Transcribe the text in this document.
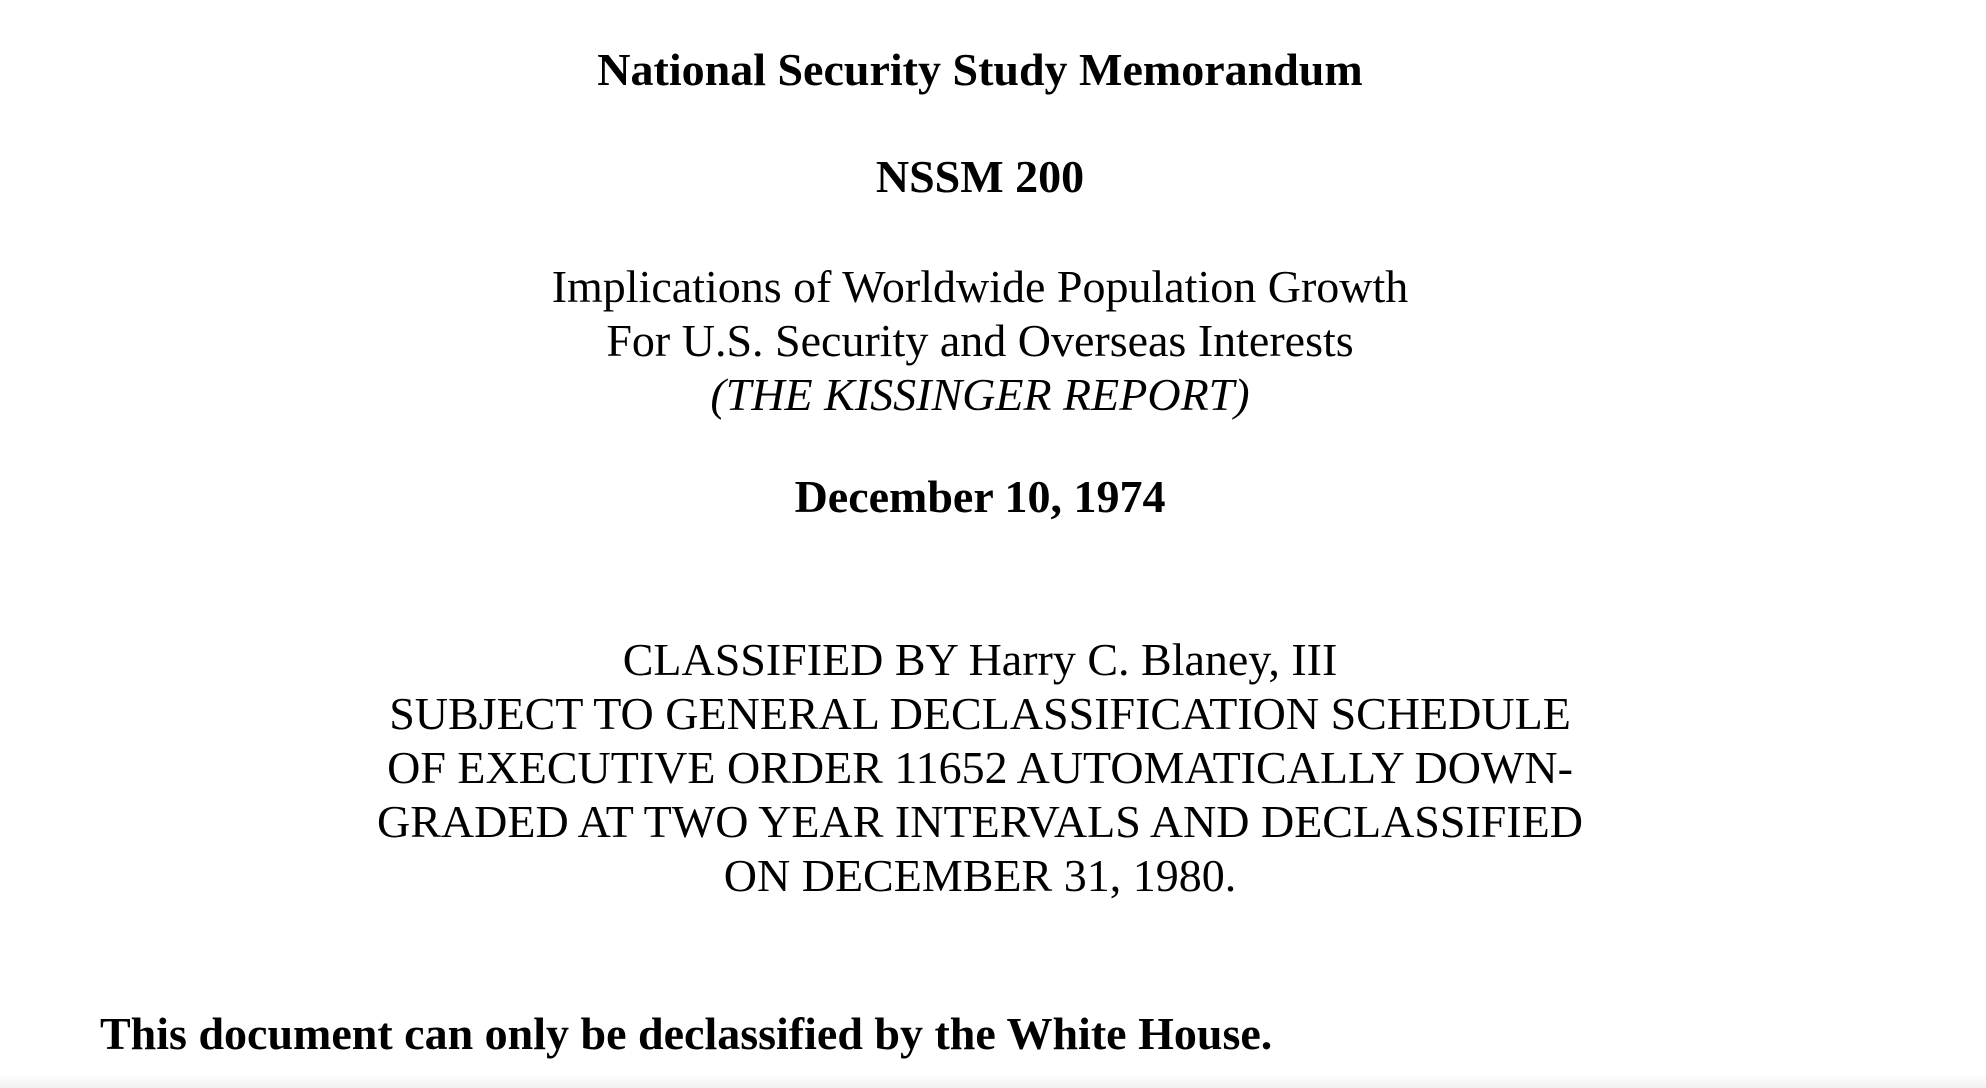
National Security Study Memorandum
NSSM 200
Implications of Worldwide Population Growth
For U.S. Security and Overseas Interests
(THE KISSINGER REPORT)
December 10, 1974
CLASSIFIED BY Harry C. Blaney, III
SUBJECT TO GENERAL DECLASSIFICATION SCHEDULE
OF EXECUTIVE ORDER 11652 AUTOMATICALLY DOWN-
GRADED AT TWO YEAR INTERVALS AND DECLASSIFIED
ON DECEMBER 31, 1980.
This document can only be declassified by the White House.
